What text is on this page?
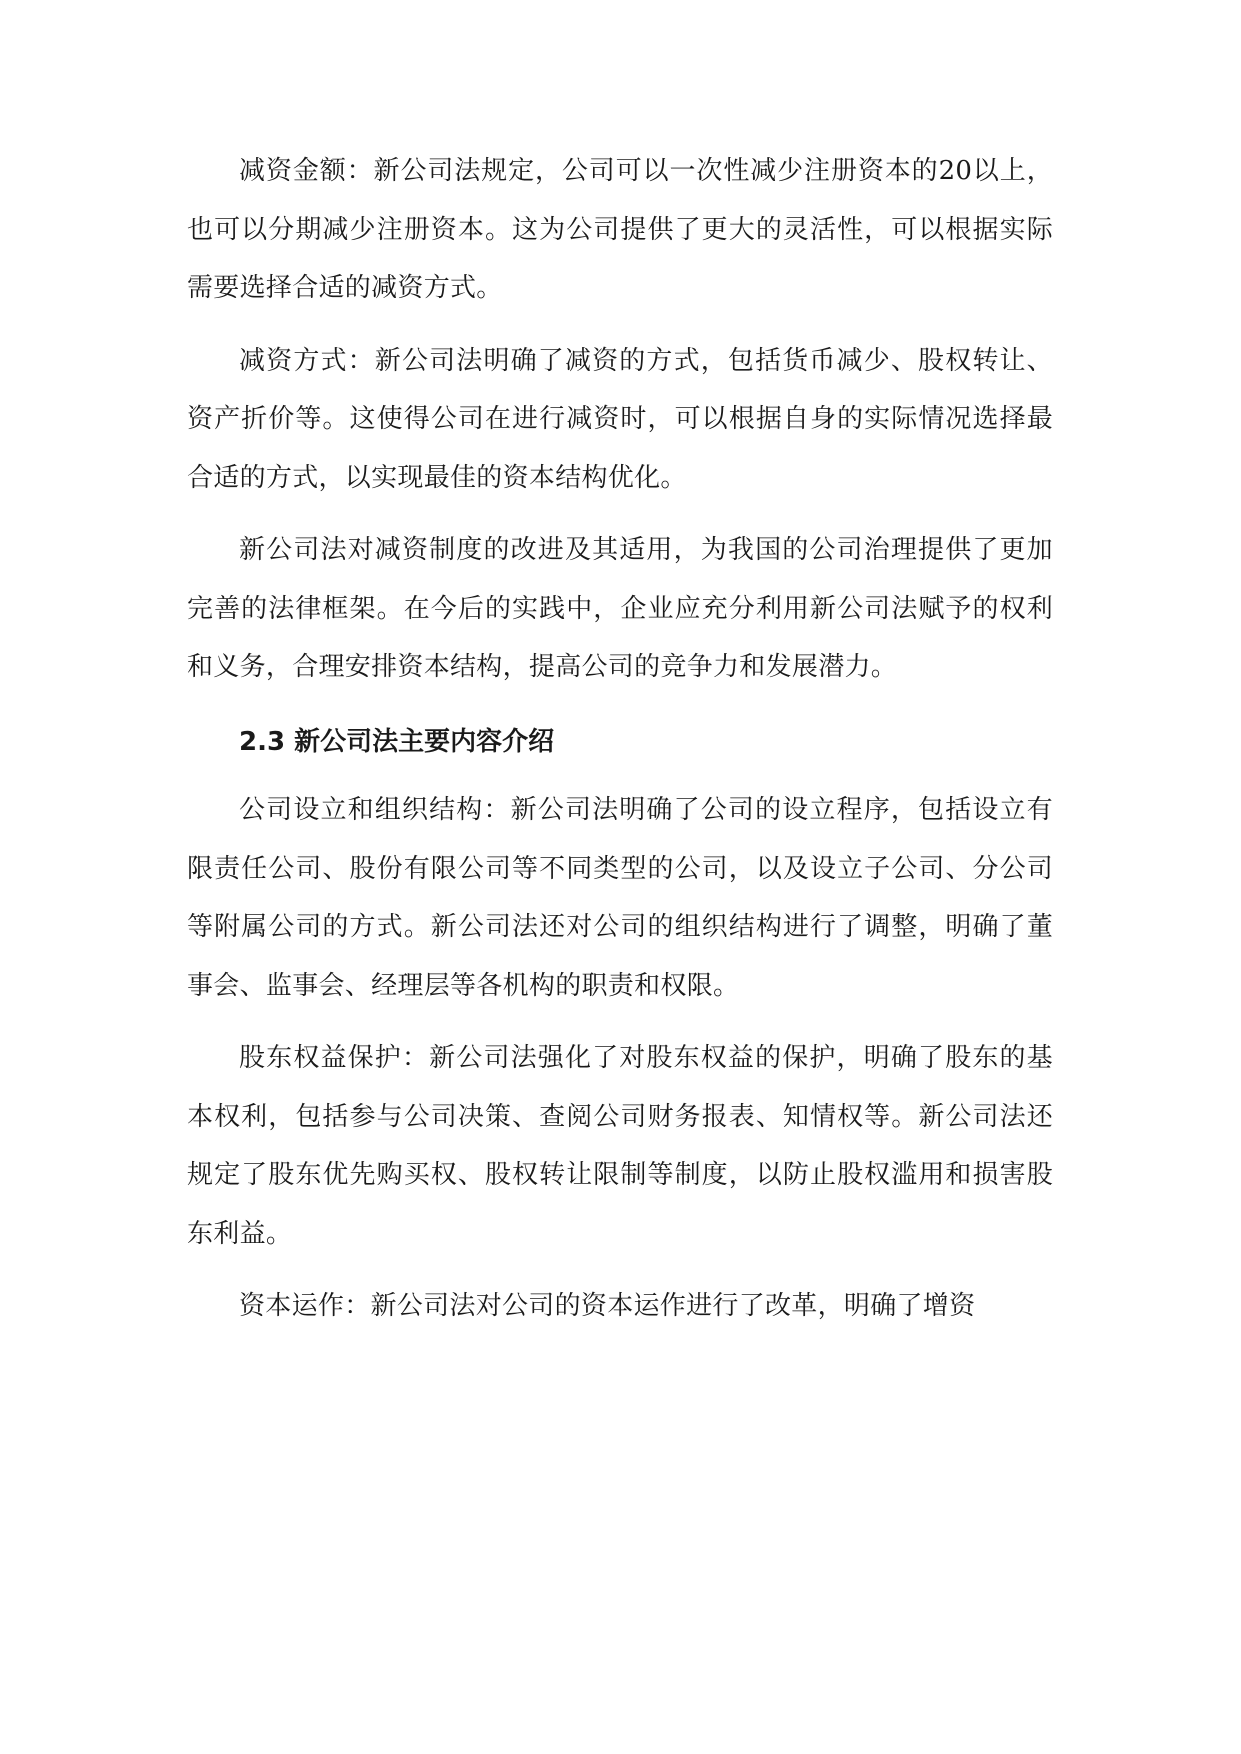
减资金额：新公司法规定，公司可以一次性减少注册资本的20以上，也可以分期减少注册资本。这为公司提供了更大的灵活性，可以根据实际需要选择合适的减资方式。

减资方式：新公司法明确了减资的方式，包括货币减少、股权转让、资产折价等。这使得公司在进行减资时，可以根据自身的实际情况选择最合适的方式，以实现最佳的资本结构优化。

新公司法对减资制度的改进及其适用，为我国的公司治理提供了更加完善的法律框架。在今后的实践中，企业应充分利用新公司法赋予的权利和义务，合理安排资本结构，提高公司的竞争力和发展潜力。

2.3 新公司法主要内容介绍

公司设立和组织结构：新公司法明确了公司的设立程序，包括设立有限责任公司、股份有限公司等不同类型的公司，以及设立子公司、分公司等附属公司的方式。新公司法还对公司的组织结构进行了调整，明确了董事会、监事会、经理层等各机构的职责和权限。

股东权益保护：新公司法强化了对股东权益的保护，明确了股东的基本权利，包括参与公司决策、查阅公司财务报表、知情权等。新公司法还规定了股东优先购买权、股权转让限制等制度，以防止股权滥用和损害股东利益。

资本运作：新公司法对公司的资本运作进行了改革，明确了增资
